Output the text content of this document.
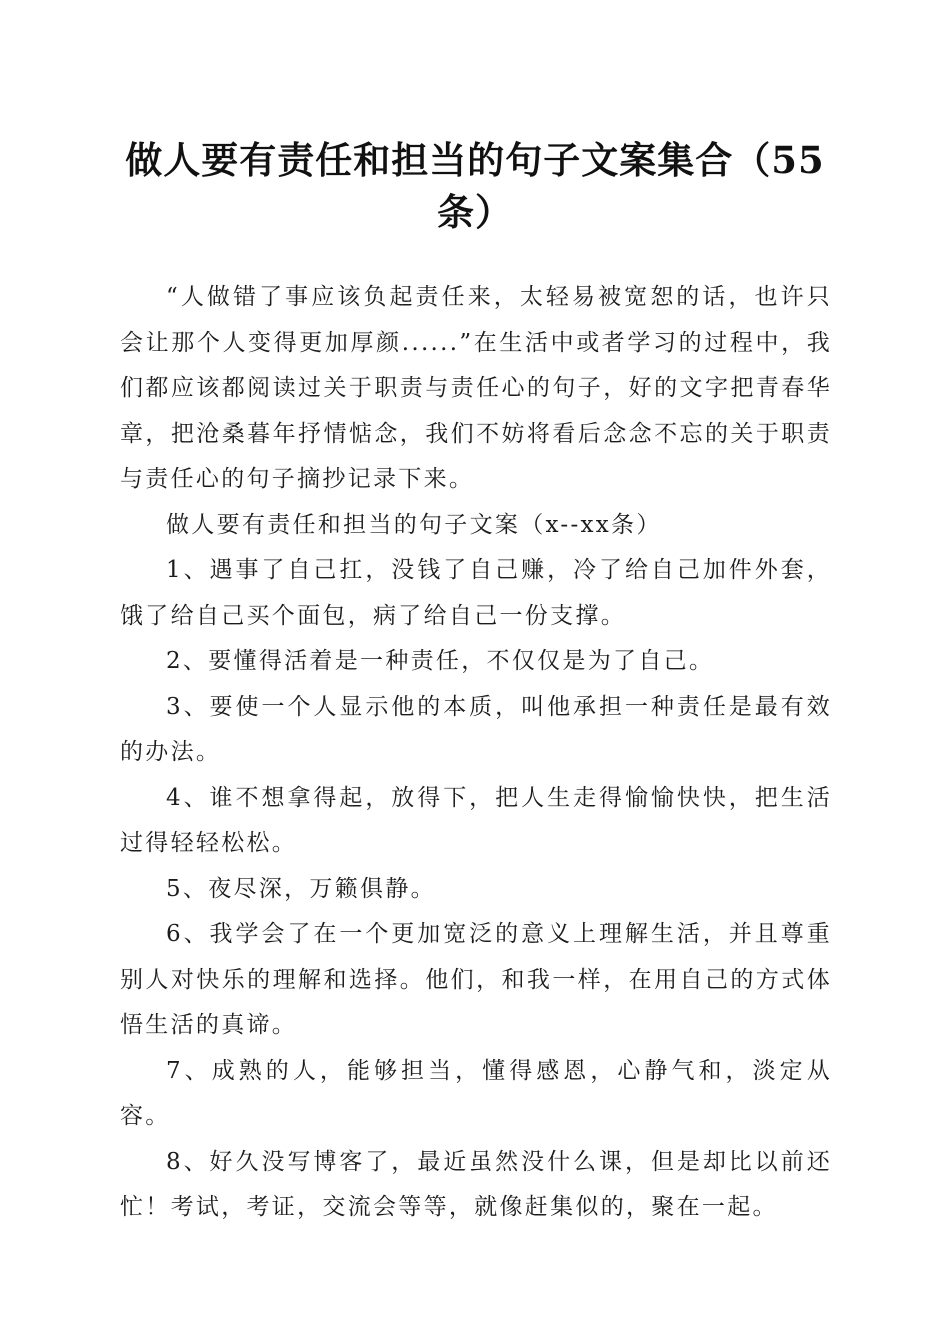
做人要有责任和担当的句子文案集合（55条）

“人做错了事应该负起责任来，太轻易被宽恕的话，也许只会让那个人变得更加厚颜......”在生活中或者学习的过程中，我们都应该都阅读过关于职责与责任心的句子，好的文字把青春华章，把沧桑暮年抒情惦念，我们不妨将看后念念不忘的关于职责与责任心的句子摘抄记录下来。

做人要有责任和担当的句子文案（x--xx条）

1、遇事了自己扛，没钱了自己赚，冷了给自己加件外套，饿了给自己买个面包，病了给自己一份支撑。

2、要懂得活着是一种责任，不仅仅是为了自己。

3、要使一个人显示他的本质，叫他承担一种责任是最有效的办法。

4、谁不想拿得起，放得下，把人生走得愉愉快快，把生活过得轻轻松松。

5、夜尽深，万籁俱静。

6、我学会了在一个更加宽泛的意义上理解生活，并且尊重别人对快乐的理解和选择。他们，和我一样，在用自己的方式体悟生活的真谛。

7、成熟的人，能够担当，懂得感恩，心静气和，淡定从容。

8、好久没写博客了，最近虽然没什么课，但是却比以前还忙！考试，考证，交流会等等，就像赶集似的，聚在一起。
